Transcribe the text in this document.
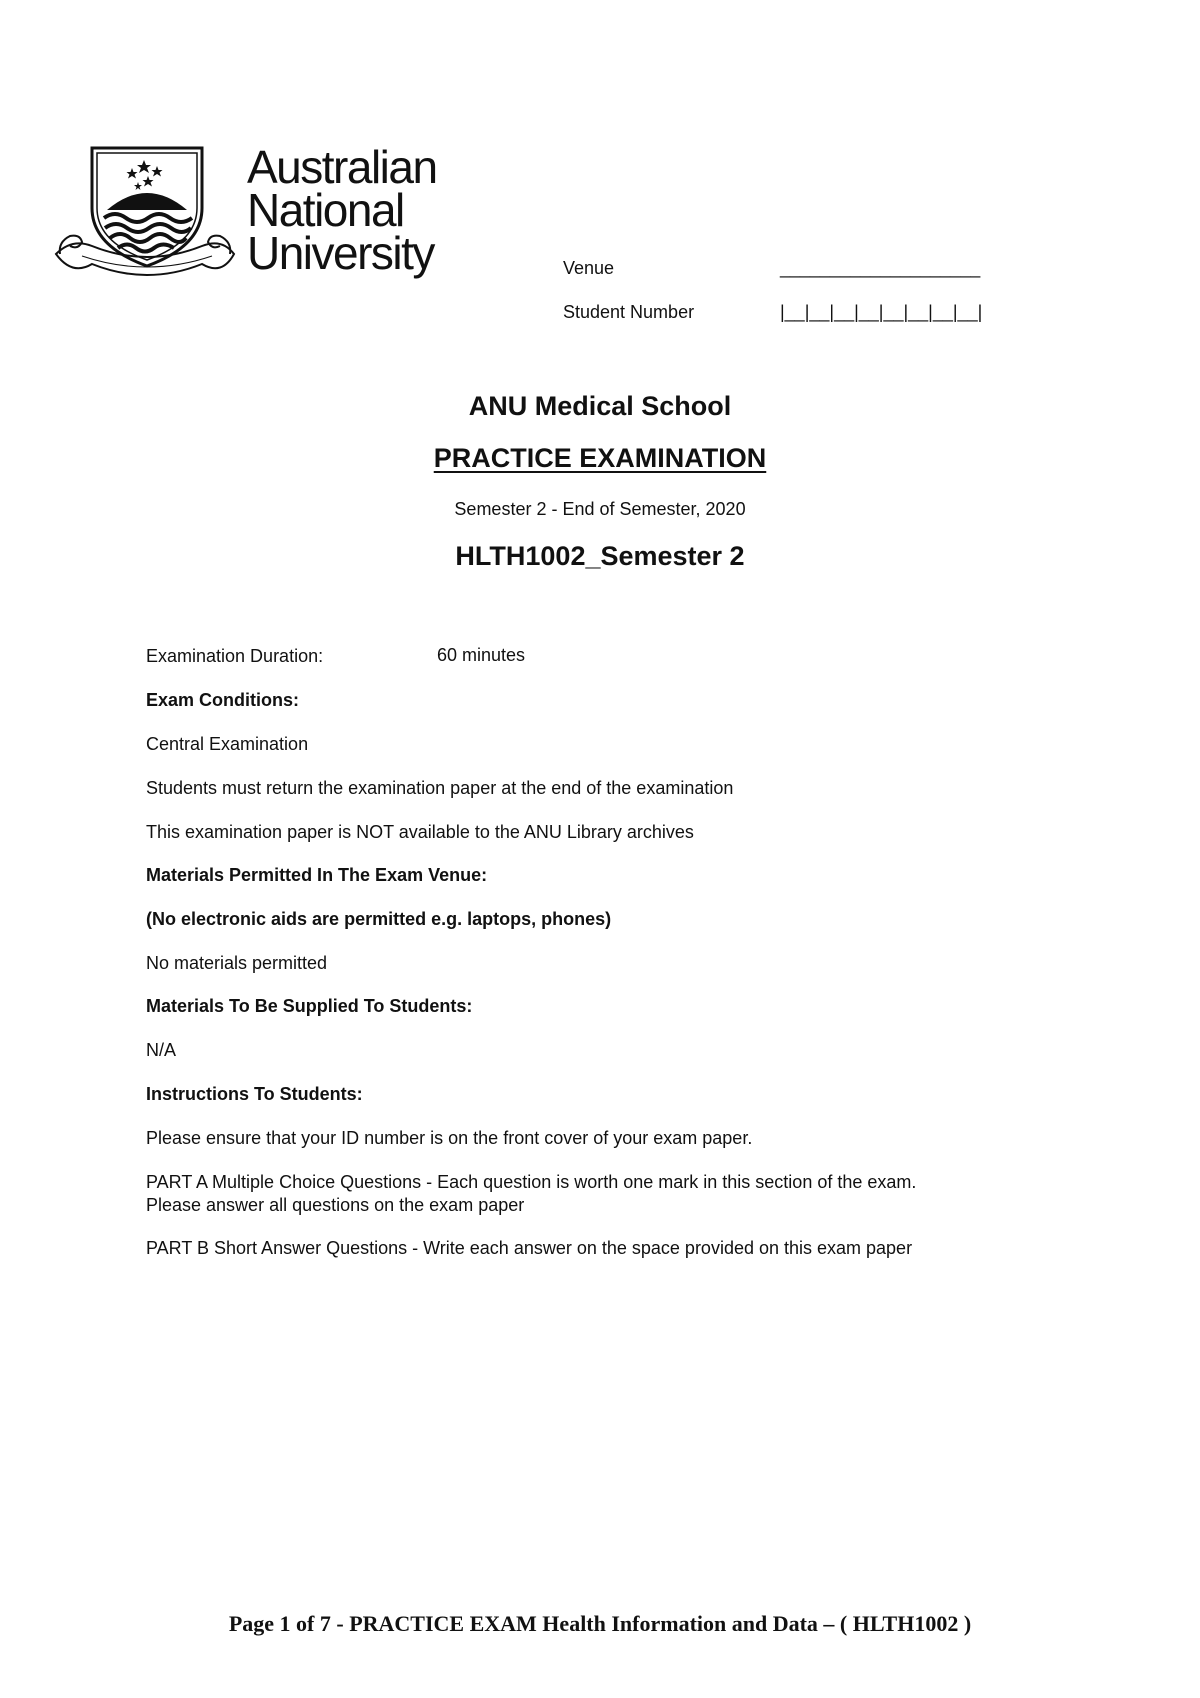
Australian
National
University	Venue	____________________
Student Number	|__|__|__|__|__|__|__|__|
ANU Medical School
PRACTICE EXAMINATION
Semester 2 - End of Semester, 2020
HLTH1002_Semester 2
Examination Duration:	60 minutes
Exam Conditions:
Central Examination
Students must return the examination paper at the end of the examination
This examination paper is NOT available to the ANU Library archives
Materials Permitted In The Exam Venue:
(No electronic aids are permitted e.g. laptops, phones)
No materials permitted
Materials To Be Supplied To Students:
N/A
Instructions To Students:
Please ensure that your ID number is on the front cover of your exam paper.
PART A Multiple Choice Questions - Each question is worth one mark in this section of the exam.
Please answer all questions on the exam paper
PART B Short Answer Questions - Write each answer on the space provided on this exam paper
Page 1 of 7 - PRACTICE EXAM Health Information and Data – ( HLTH1002 )
